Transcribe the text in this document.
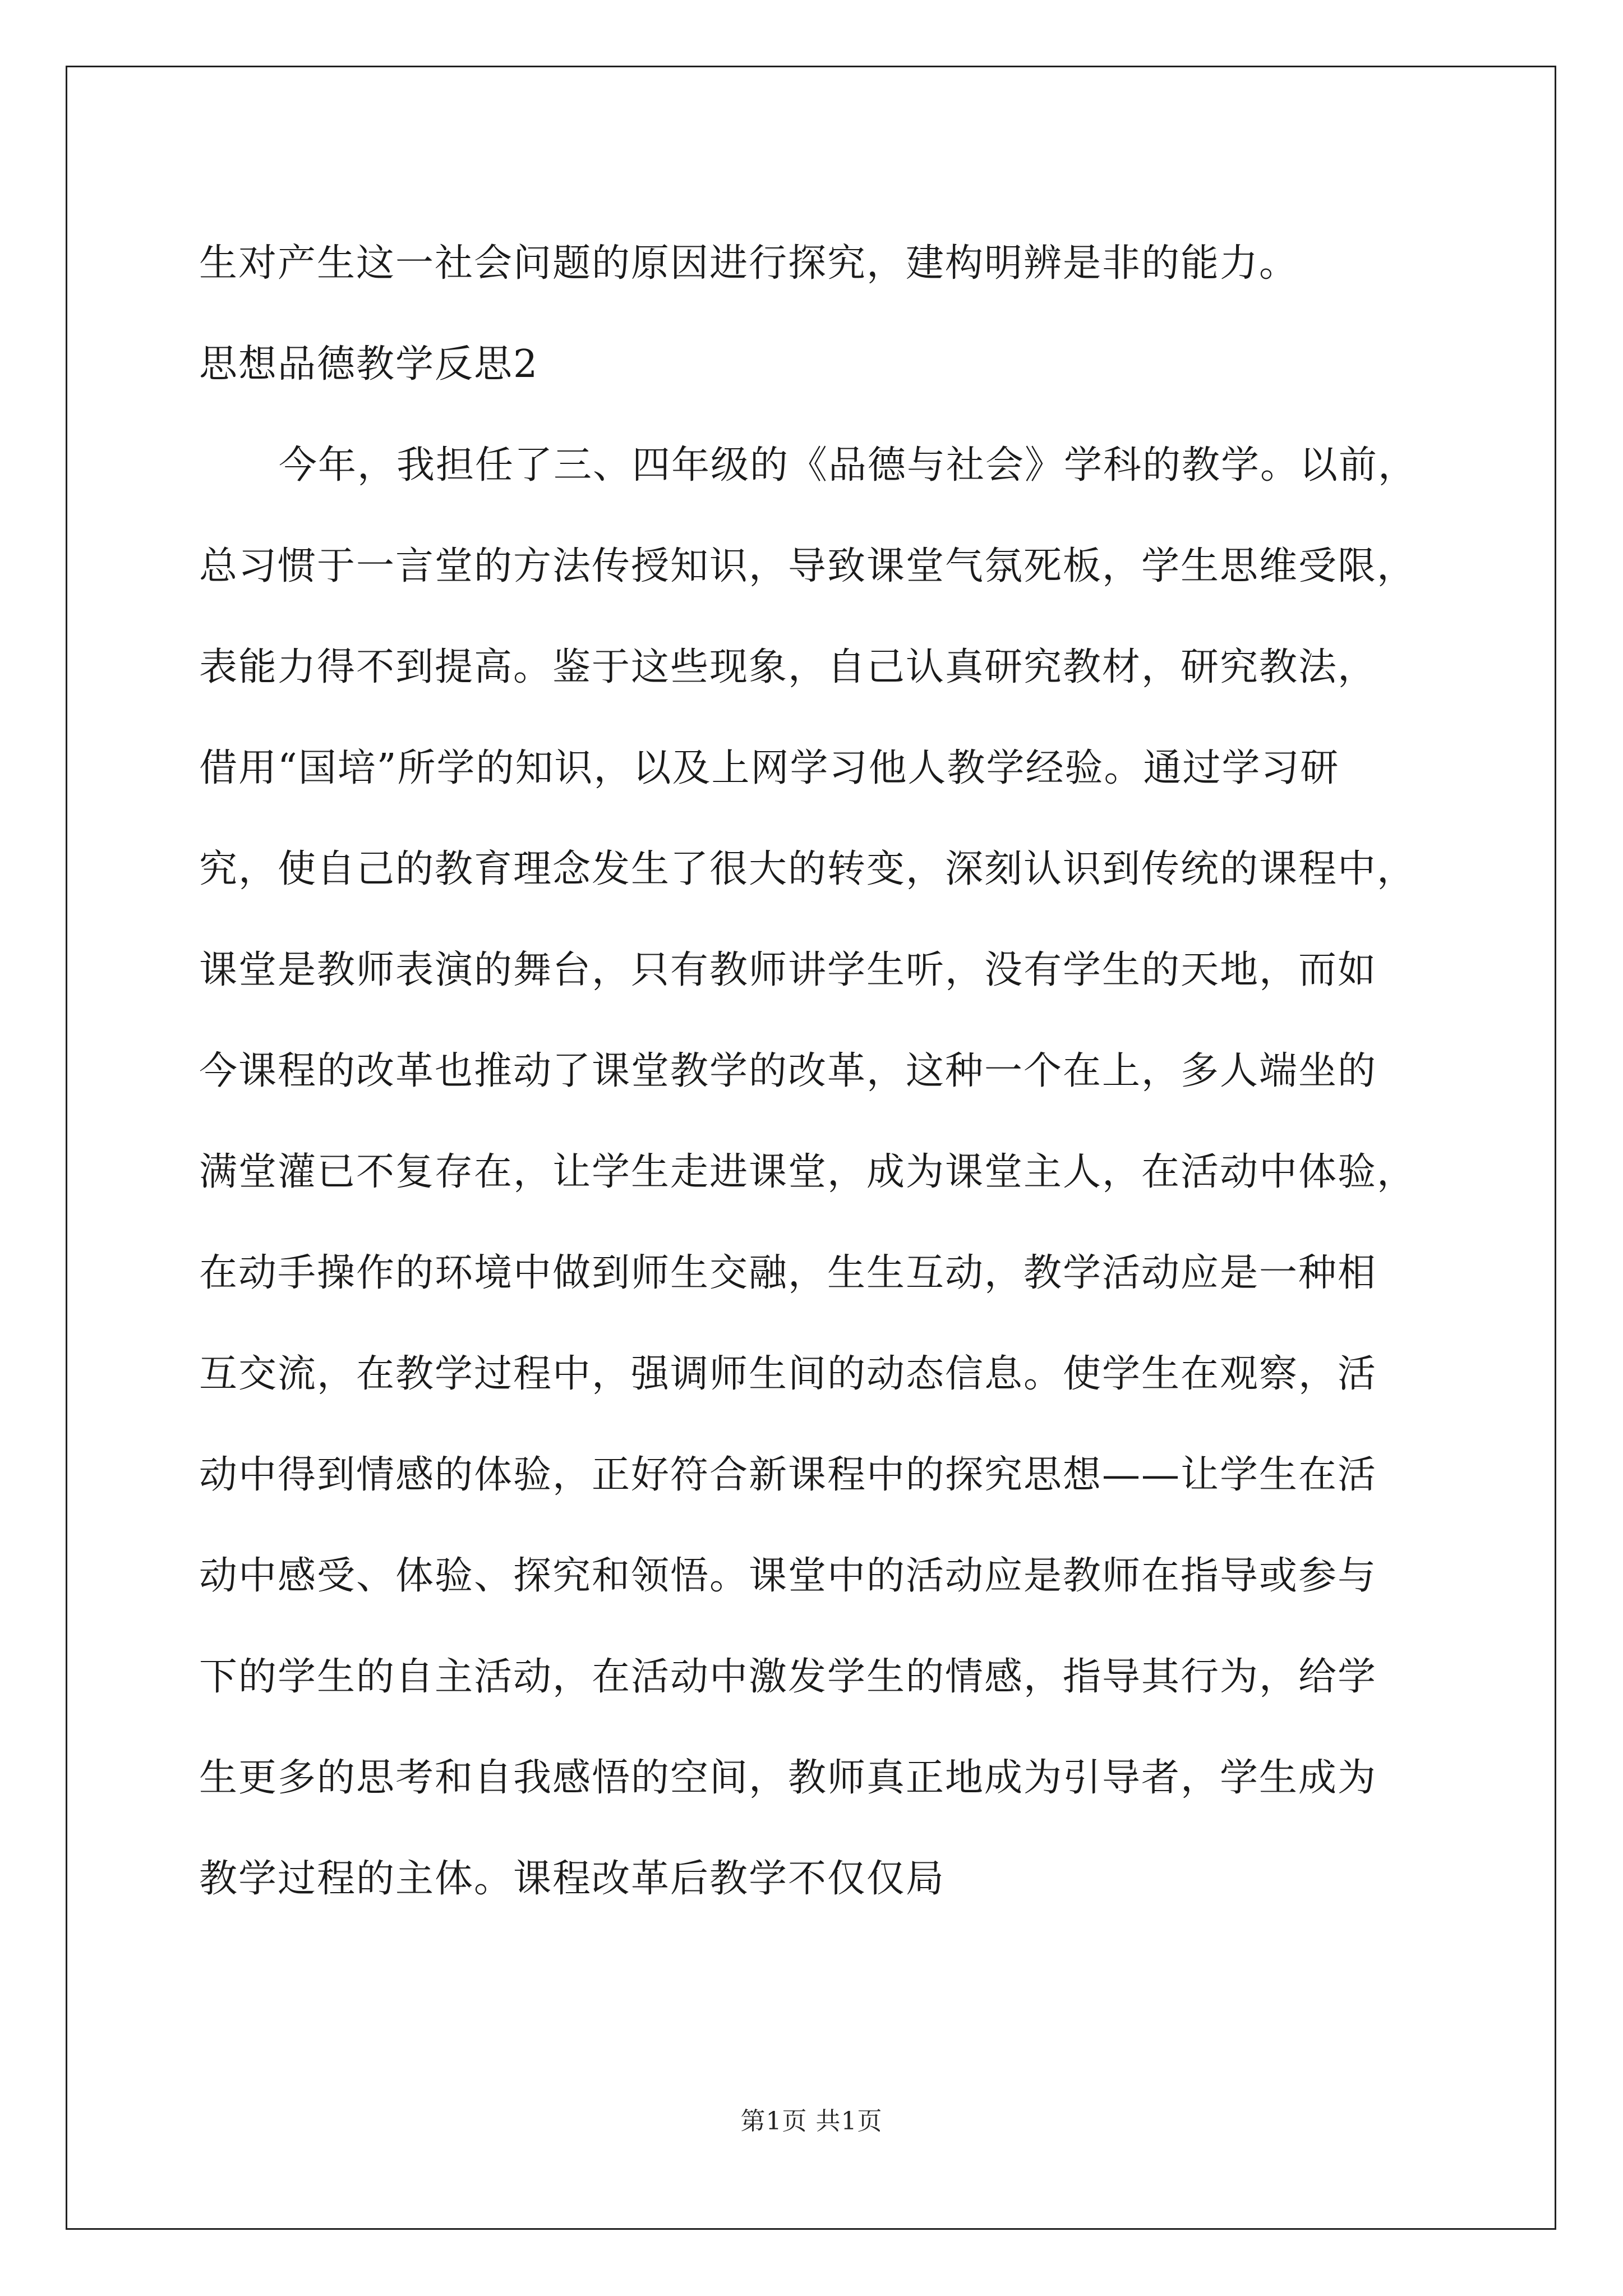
生对产生这一社会问题的原因进行探究，建构明辨是非的能力。
思想品德教学反思2
今年，我担任了三、四年级的《品德与社会》学科的教学。以前，
总习惯于一言堂的方法传授知识，导致课堂气氛死板，学生思维受限，
表能力得不到提高。鉴于这些现象，自己认真研究教材，研究教法，
借用“国培”所学的知识，以及上网学习他人教学经验。通过学习研
究，使自己的教育理念发生了很大的转变，深刻认识到传统的课程中，
课堂是教师表演的舞台，只有教师讲学生听，没有学生的天地，而如
今课程的改革也推动了课堂教学的改革，这种一个在上，多人端坐的
满堂灌已不复存在，让学生走进课堂，成为课堂主人，在活动中体验，
在动手操作的环境中做到师生交融，生生互动，教学活动应是一种相
互交流，在教学过程中，强调师生间的动态信息。使学生在观察，活
动中得到情感的体验，正好符合新课程中的探究思想——让学生在活
动中感受、体验、探究和领悟。课堂中的活动应是教师在指导或参与
下的学生的自主活动，在活动中激发学生的情感，指导其行为，给学
生更多的思考和自我感悟的空间，教师真正地成为引导者，学生成为
教学过程的主体。课程改革后教学不仅仅局
第1页 共1页
